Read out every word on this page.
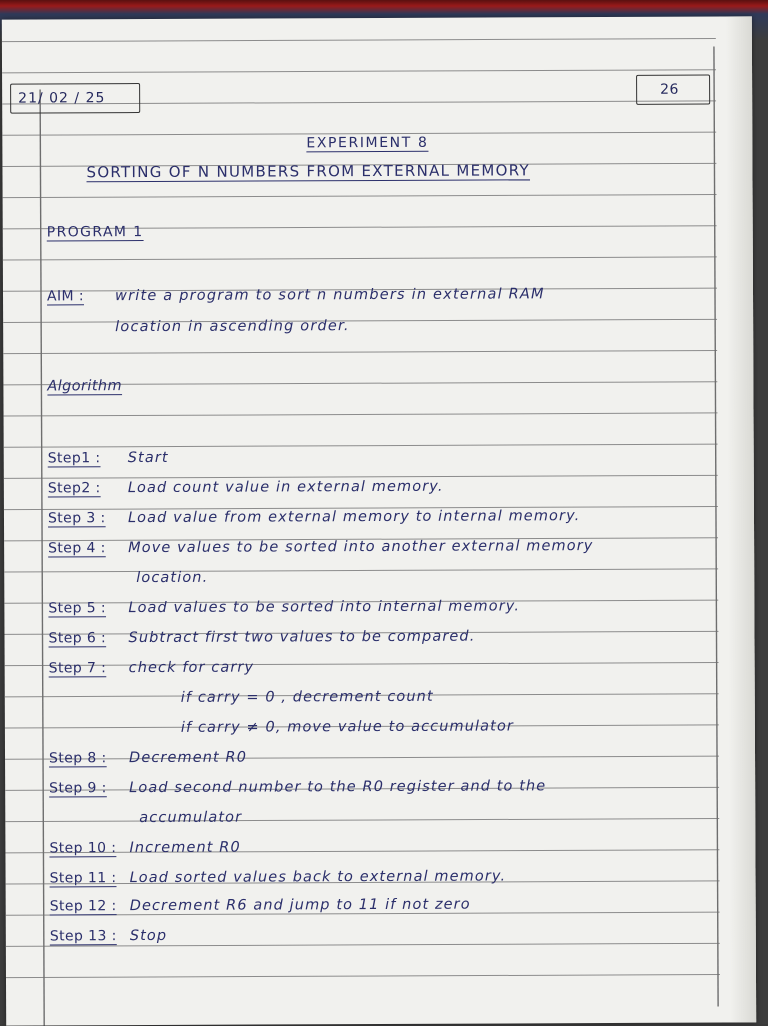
21/ 02 / 25
26
EXPERIMENT 8
SORTING OF N NUMBERS FROM EXTERNAL MEMORY
PROGRAM 1
AIM : write a program to sort n numbers in external RAM
location in ascending order.
Algorithm
Step1 : Start
Step2 : Load count value in external memory.
Step 3 : Load value from external memory to internal memory.
Step 4 : Move values to be sorted into another external memory
location.
Step 5 : Load values to be sorted into internal memory.
Step 6 : Subtract first two values to be compared.
Step 7 : check for carry
if carry = 0 , decrement count
if carry ≠ 0, move value to accumulator
Step 8 : Decrement R0
Step 9 : Load second number to the R0 register and to the
accumulator
Step 10 : Increment R0
Step 11 : Load sorted values back to external memory.
Step 12 : Decrement R6 and jump to 11 if not zero
Step 13 : Stop
